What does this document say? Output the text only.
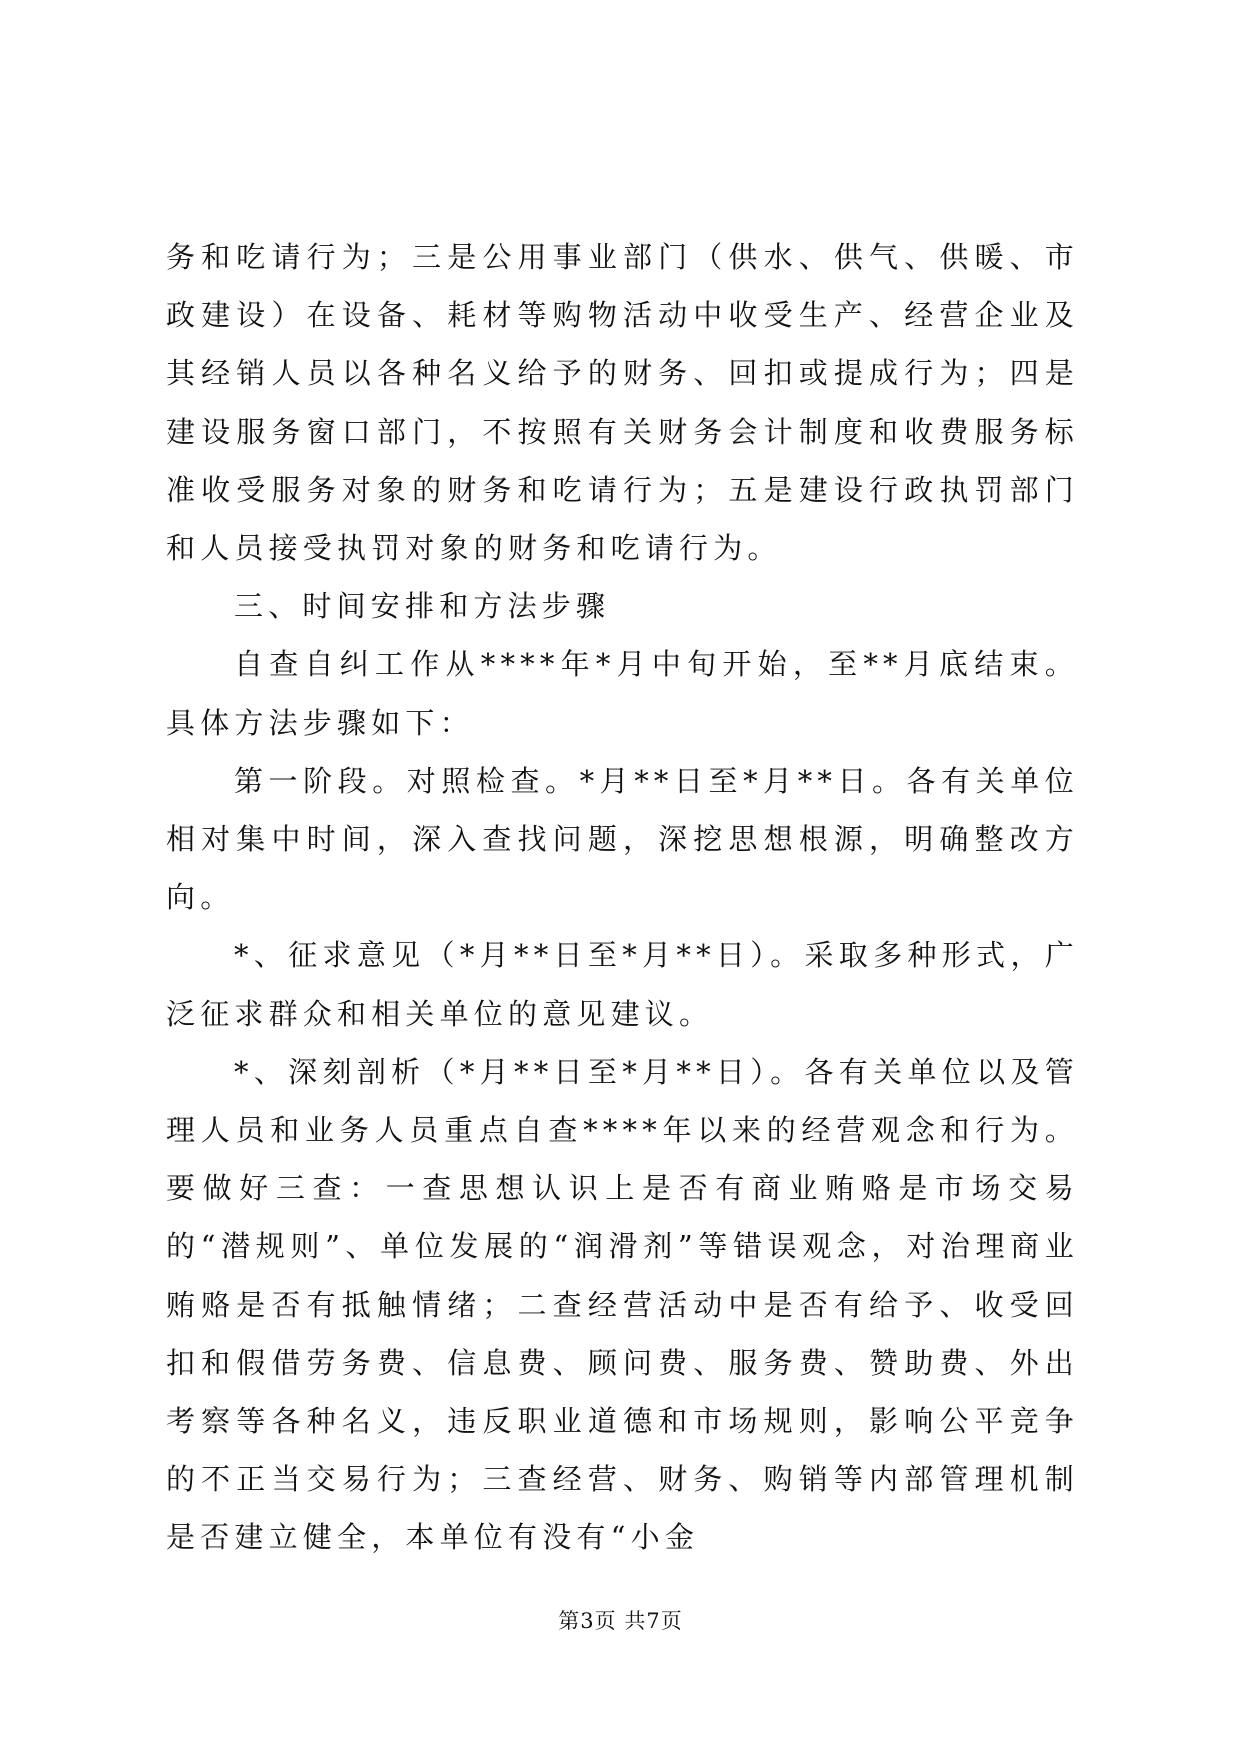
务和吃请行为；三是公用事业部门（供水、供气、供暖、市政建设）在设备、耗材等购物活动中收受生产、经营企业及其经销人员以各种名义给予的财务、回扣或提成行为；四是建设服务窗口部门，不按照有关财务会计制度和收费服务标准收受服务对象的财务和吃请行为；五是建设行政执罚部门和人员接受执罚对象的财务和吃请行为。

三、时间安排和方法步骤

自查自纠工作从****年*月中旬开始，至**月底结束。具体方法步骤如下：

第一阶段。对照检查。*月**日至*月**日。各有关单位相对集中时间，深入查找问题，深挖思想根源，明确整改方向。

*、征求意见（*月**日至*月**日）。采取多种形式，广泛征求群众和相关单位的意见建议。

*、深刻剖析（*月**日至*月**日）。各有关单位以及管理人员和业务人员重点自查****年以来的经营观念和行为。要做好三查：一查思想认识上是否有商业贿赂是市场交易的“潜规则”、单位发展的“润滑剂”等错误观念，对治理商业贿赂是否有抵触情绪；二查经营活动中是否有给予、收受回扣和假借劳务费、信息费、顾问费、服务费、赞助费、外出考察等各种名义，违反职业道德和市场规则，影响公平竞争的不正当交易行为；三查经营、财务、购销等内部管理机制是否建立健全，本单位有没有“小金

第3页 共7页
